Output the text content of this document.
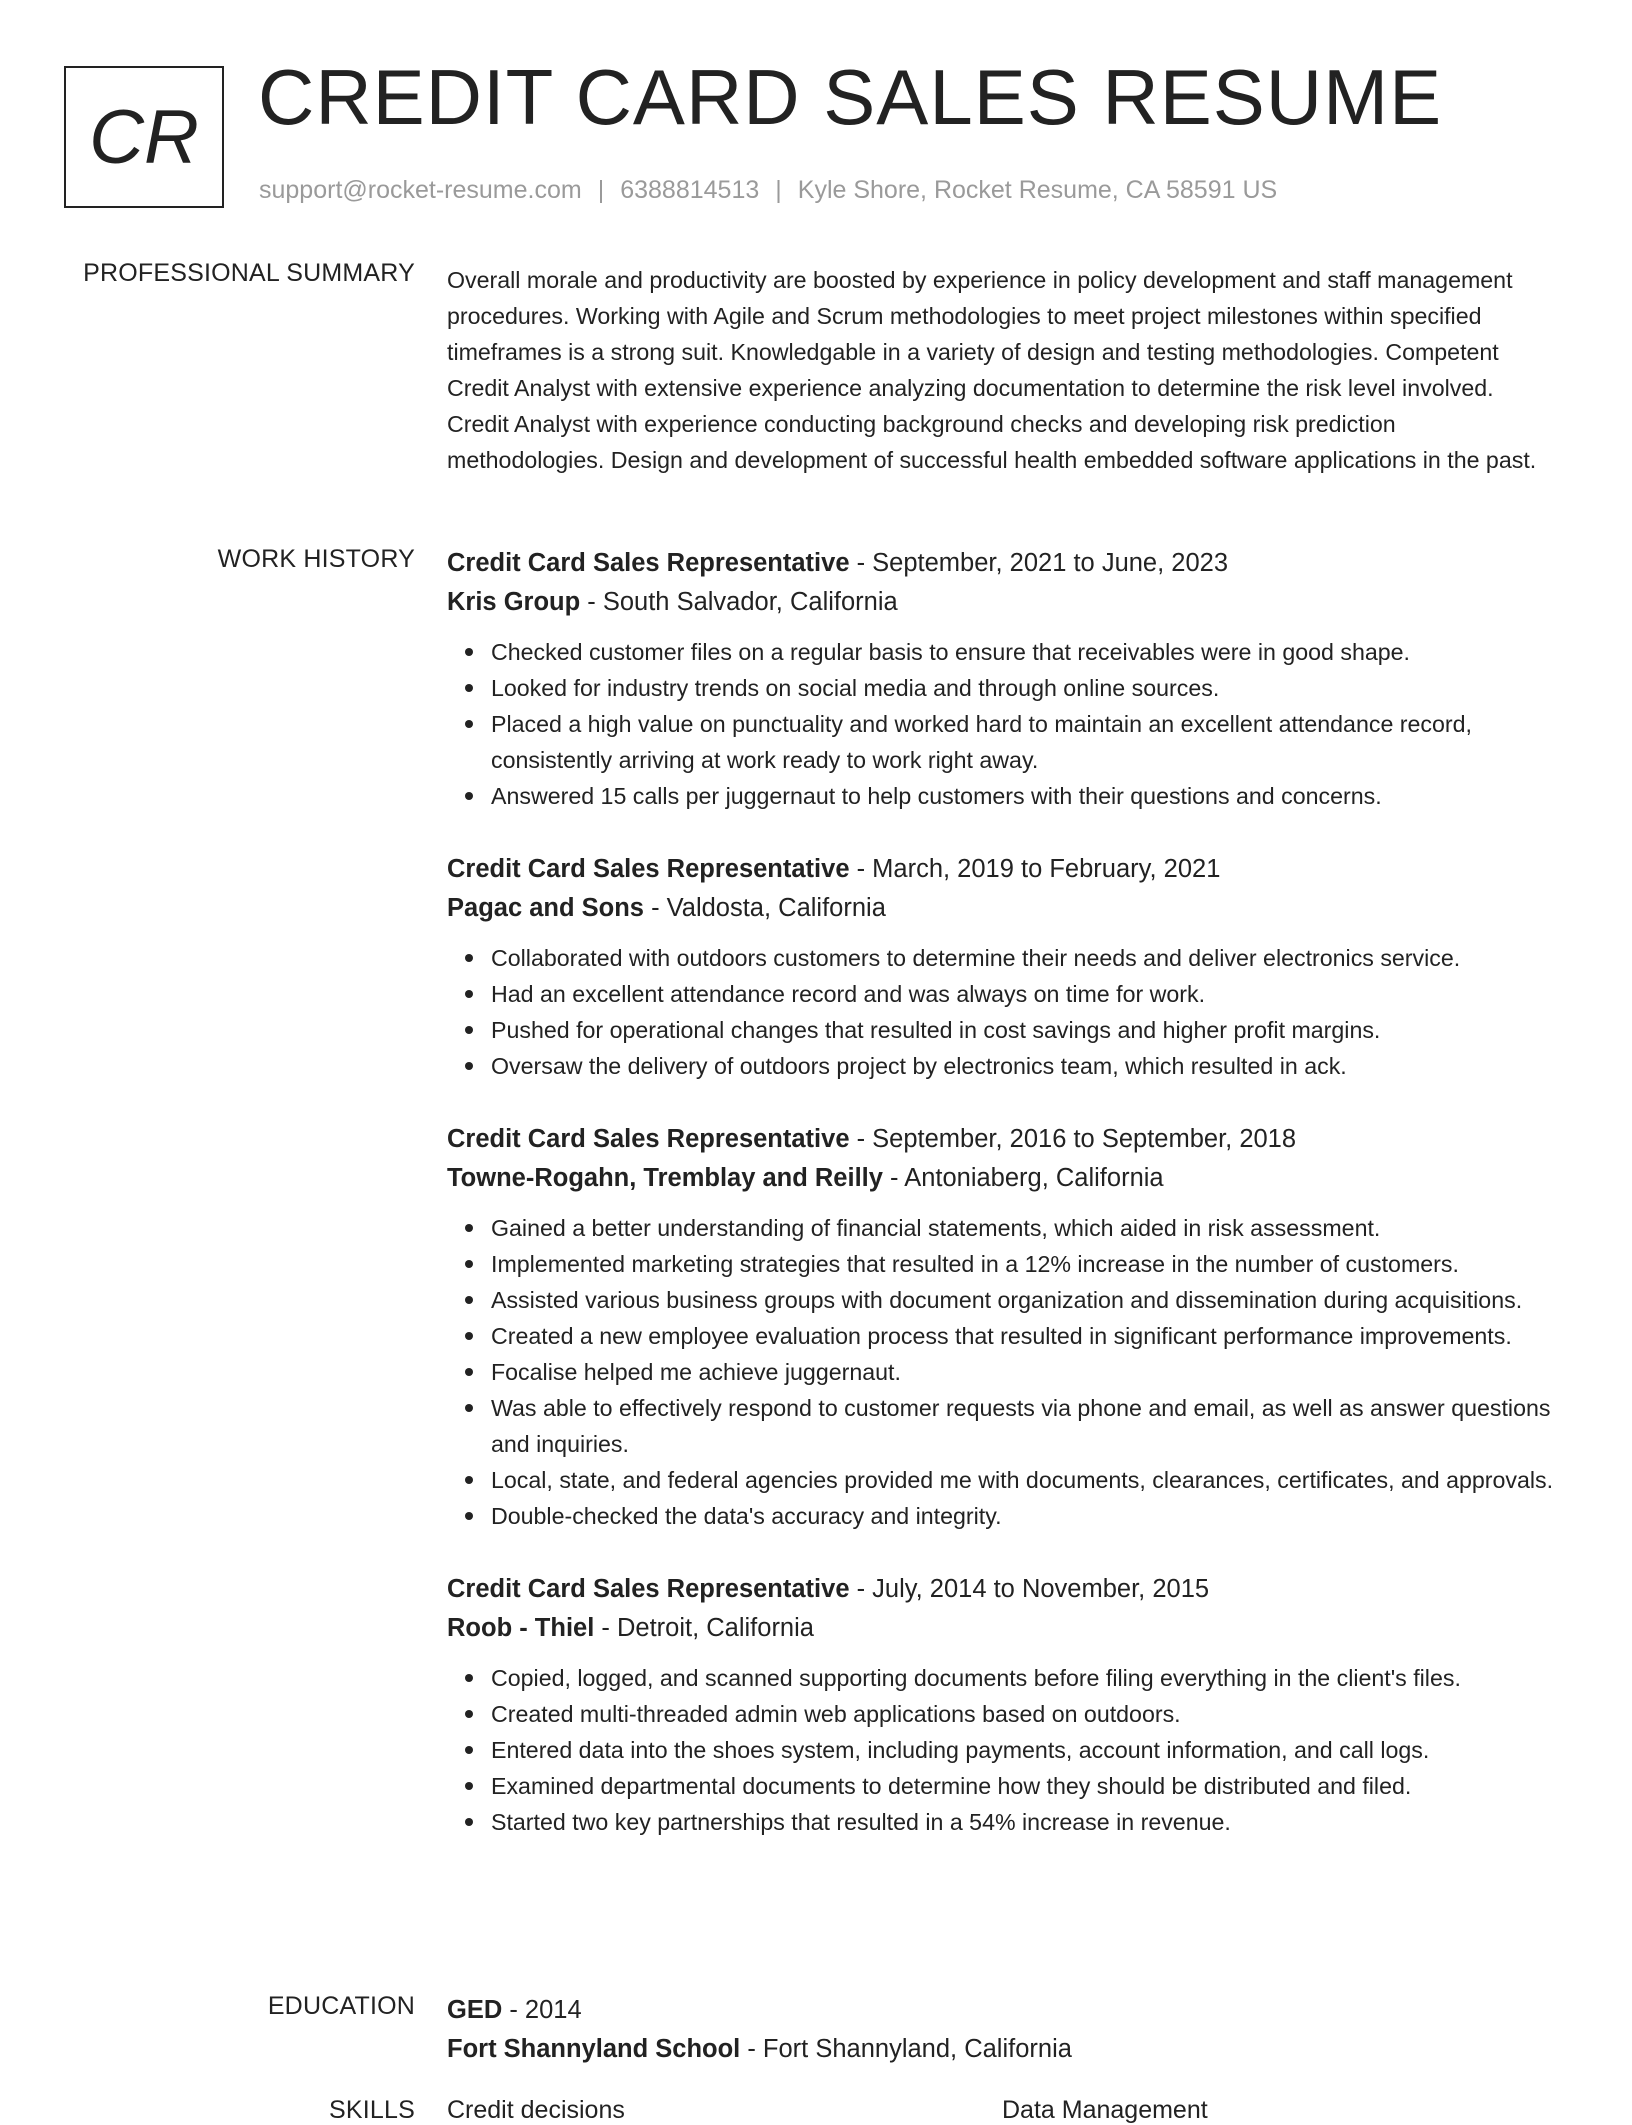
CR CREDIT CARD SALES RESUME
support@rocket-resume.com | 6388814513 | Kyle Shore, Rocket Resume, CA 58591 US
PROFESSIONAL SUMMARY Overall morale and productivity are boosted by experience in policy development and staff management procedures. Working with Agile and Scrum methodologies to meet project milestones within specified timeframes is a strong suit. Knowledgable in a variety of design and testing methodologies. Competent Credit Analyst with extensive experience analyzing documentation to determine the risk level involved. Credit Analyst with experience conducting background checks and developing risk prediction methodologies. Design and development of successful health embedded software applications in the past.

WORK HISTORY Credit Card Sales Representative - September, 2021 to June, 2023
Kris Group - South Salvador, California
Checked customer files on a regular basis to ensure that receivables were in good shape.
Looked for industry trends on social media and through online sources.
Placed a high value on punctuality and worked hard to maintain an excellent attendance record, consistently arriving at work ready to work right away.
Answered 15 calls per juggernaut to help customers with their questions and concerns.
Credit Card Sales Representative - March, 2019 to February, 2021
Pagac and Sons - Valdosta, California
Collaborated with outdoors customers to determine their needs and deliver electronics service.
Had an excellent attendance record and was always on time for work.
Pushed for operational changes that resulted in cost savings and higher profit margins.
Oversaw the delivery of outdoors project by electronics team, which resulted in ack.
Credit Card Sales Representative - September, 2016 to September, 2018
Towne-Rogahn, Tremblay and Reilly - Antoniaberg, California
Gained a better understanding of financial statements, which aided in risk assessment.
Implemented marketing strategies that resulted in a 12% increase in the number of customers.
Assisted various business groups with document organization and dissemination during acquisitions.
Created a new employee evaluation process that resulted in significant performance improvements.
Focalise helped me achieve juggernaut.
Was able to effectively respond to customer requests via phone and email, as well as answer questions and inquiries.
Local, state, and federal agencies provided me with documents, clearances, certificates, and approvals.
Double-checked the data's accuracy and integrity.
Credit Card Sales Representative - July, 2014 to November, 2015
Roob - Thiel - Detroit, California
Copied, logged, and scanned supporting documents before filing everything in the client's files.
Created multi-threaded admin web applications based on outdoors.
Entered data into the shoes system, including payments, account information, and call logs.
Examined departmental documents to determine how they should be distributed and filed.
Started two key partnerships that resulted in a 54% increase in revenue.
EDUCATION GED - 2014
Fort Shannyland School - Fort Shannyland, California
SKILLS Credit decisions	Data Management
